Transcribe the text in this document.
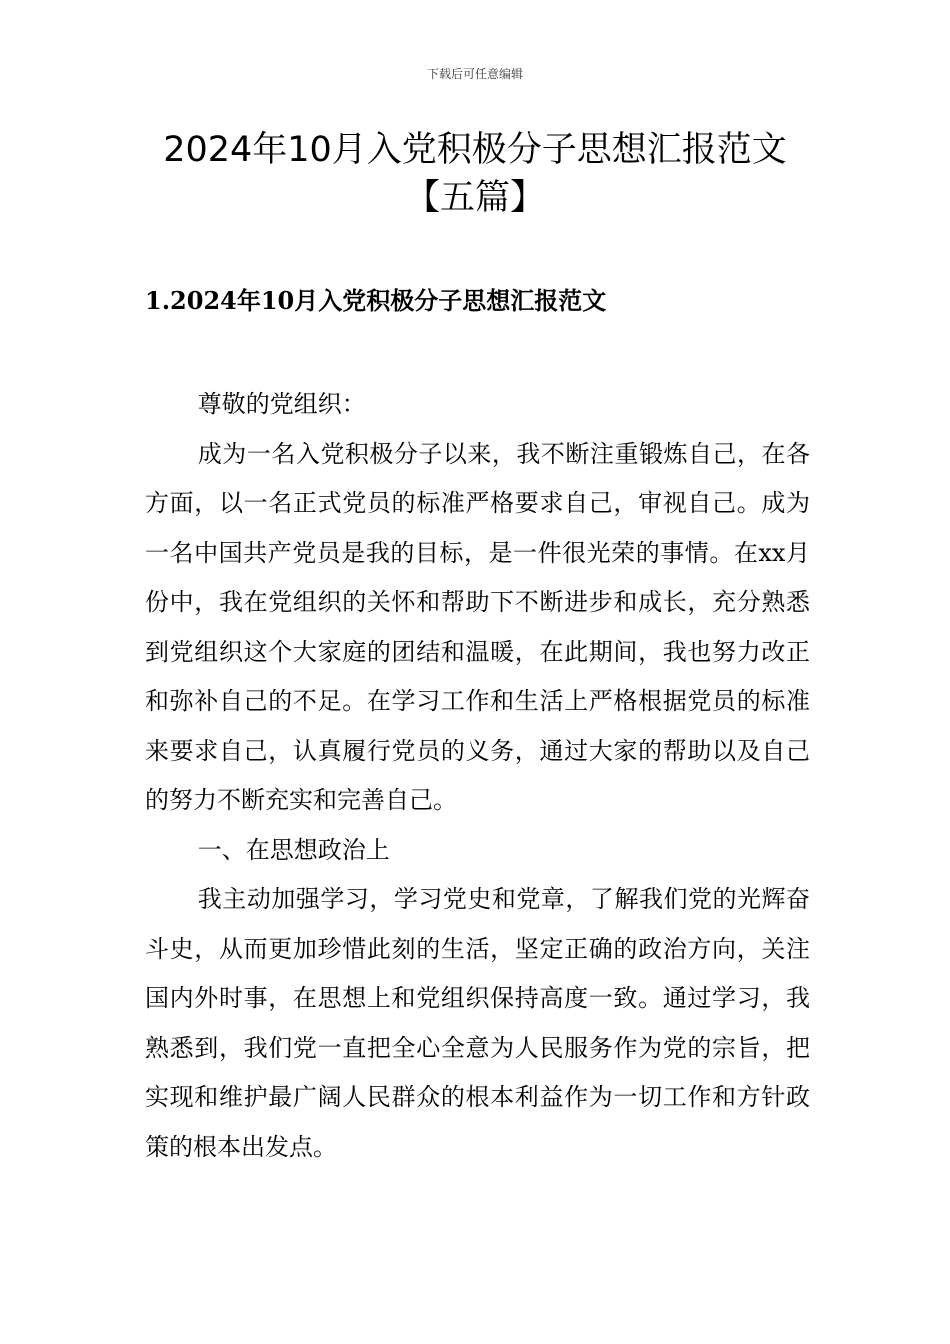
下载后可任意编辑
2024年10月入党积极分子思想汇报范文
【五篇】
1.2024年10月入党积极分子思想汇报范文

尊敬的党组织：

成为一名入党积极分子以来，我不断注重锻炼自己，在各方面，以一名正式党员的标准严格要求自己，审视自己。成为一名中国共产党员是我的目标，是一件很光荣的事情。在xx月份中，我在党组织的关怀和帮助下不断进步和成长，充分熟悉到党组织这个大家庭的团结和温暖，在此期间，我也努力改正和弥补自己的不足。在学习工作和生活上严格根据党员的标准来要求自己，认真履行党员的义务，通过大家的帮助以及自己的努力不断充实和完善自己。

一、在思想政治上

我主动加强学习，学习党史和党章，了解我们党的光辉奋斗史，从而更加珍惜此刻的生活，坚定正确的政治方向，关注国内外时事，在思想上和党组织保持高度一致。通过学习，我熟悉到，我们党一直把全心全意为人民服务作为党的宗旨，把实现和维护最广阔人民群众的根本利益作为一切工作和方针政策的根本出发点。
